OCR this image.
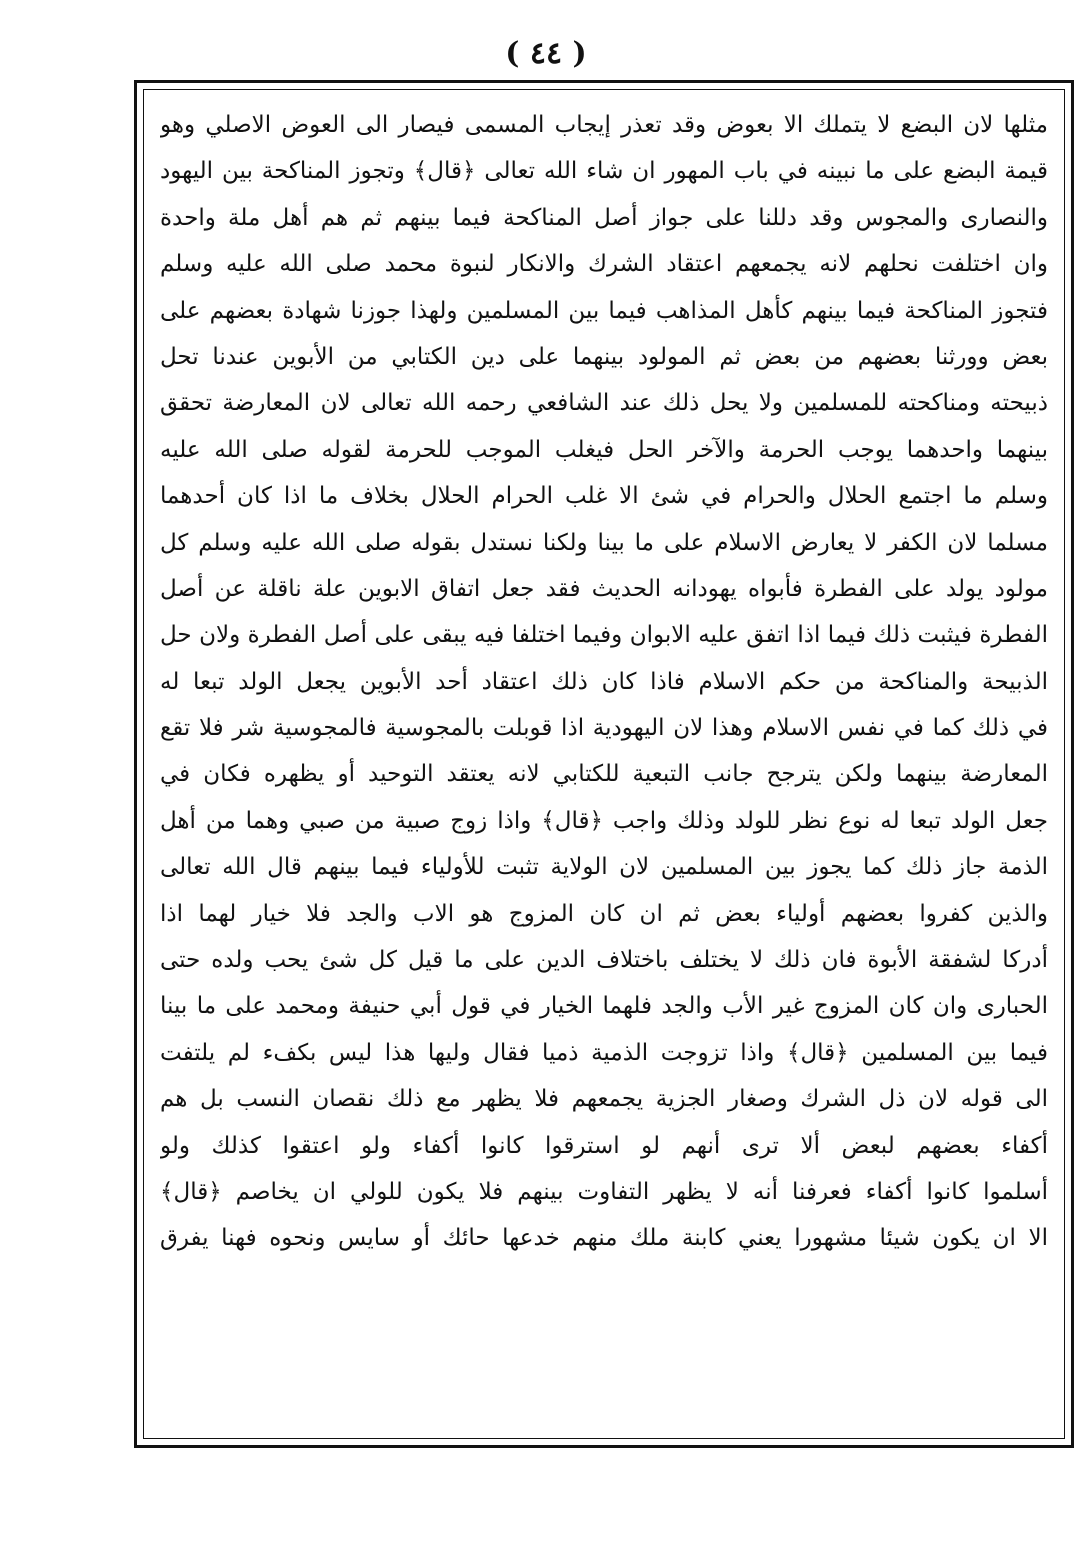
( ٤٤ )
مثلها لان البضع لا يتملك الا بعوض وقد تعذر إيجاب المسمى فيصار الى العوض الاصلي وهو
قيمة البضع على ما نبينه في باب المهور ان شاء الله تعالى ﴿قال﴾ وتجوز المناكحة بين اليهود
والنصارى والمجوس وقد دللنا على جواز أصل المناكحة فيما بينهم ثم هم أهل ملة واحدة
وان اختلفت نحلهم لانه يجمعهم اعتقاد الشرك والانكار لنبوة محمد صلى الله عليه وسلم
فتجوز المناكحة فيما بينهم كأهل المذاهب فيما بين المسلمين ولهذا جوزنا شهادة بعضهم على
بعض وورثنا بعضهم من بعض ثم المولود بينهما على دين الكتابي من الأبوين عندنا تحل
ذبيحته ومناكحته للمسلمين ولا يحل ذلك عند الشافعي رحمه الله تعالى لان المعارضة تحقق
بينهما واحدهما يوجب الحرمة والآخر الحل فيغلب الموجب للحرمة لقوله صلى الله عليه
وسلم ما اجتمع الحلال والحرام في شئ الا غلب الحرام الحلال بخلاف ما اذا كان أحدهما
مسلما لان الكفر لا يعارض الاسلام على ما بينا ولكنا نستدل بقوله صلى الله عليه وسلم كل
مولود يولد على الفطرة فأبواه يهودانه الحديث فقد جعل اتفاق الابوين علة ناقلة عن أصل
الفطرة فيثبت ذلك فيما اذا اتفق عليه الابوان وفيما اختلفا فيه يبقى على أصل الفطرة ولان حل
الذبيحة والمناكحة من حكم الاسلام فاذا كان ذلك اعتقاد أحد الأبوين يجعل الولد تبعا له
في ذلك كما في نفس الاسلام وهذا لان اليهودية اذا قوبلت بالمجوسية فالمجوسية شر فلا تقع
المعارضة بينهما ولكن يترجح جانب التبعية للكتابي لانه يعتقد التوحيد أو يظهره فكان في
جعل الولد تبعا له نوع نظر للولد وذلك واجب ﴿قال﴾ واذا زوج صبية من صبي وهما من أهل
الذمة جاز ذلك كما يجوز بين المسلمين لان الولاية تثبت للأولياء فيما بينهم قال الله تعالى
والذين كفروا بعضهم أولياء بعض ثم ان كان المزوج هو الاب والجد فلا خيار لهما اذا
أدركا لشفقة الأبوة فان ذلك لا يختلف باختلاف الدين على ما قيل كل شئ يحب ولده حتى
الحبارى وان كان المزوج غير الأب والجد فلهما الخيار في قول أبي حنيفة ومحمد على ما بينا
فيما بين المسلمين ﴿قال﴾ واذا تزوجت الذمية ذميا فقال وليها هذا ليس بكفء لم يلتفت
الى قوله لان ذل الشرك وصغار الجزية يجمعهم فلا يظهر مع ذلك نقصان النسب بل هم
أكفاء بعضهم لبعض ألا ترى أنهم لو استرقوا كانوا أكفاء ولو اعتقوا كذلك ولو
أسلموا كانوا أكفاء فعرفنا أنه لا يظهر التفاوت بينهم فلا يكون للولي ان يخاصم ﴿قال﴾
الا ان يكون شيئا مشهورا يعني كابنة ملك منهم خدعها حائك أو سايس ونحوه فهنا يفرق
